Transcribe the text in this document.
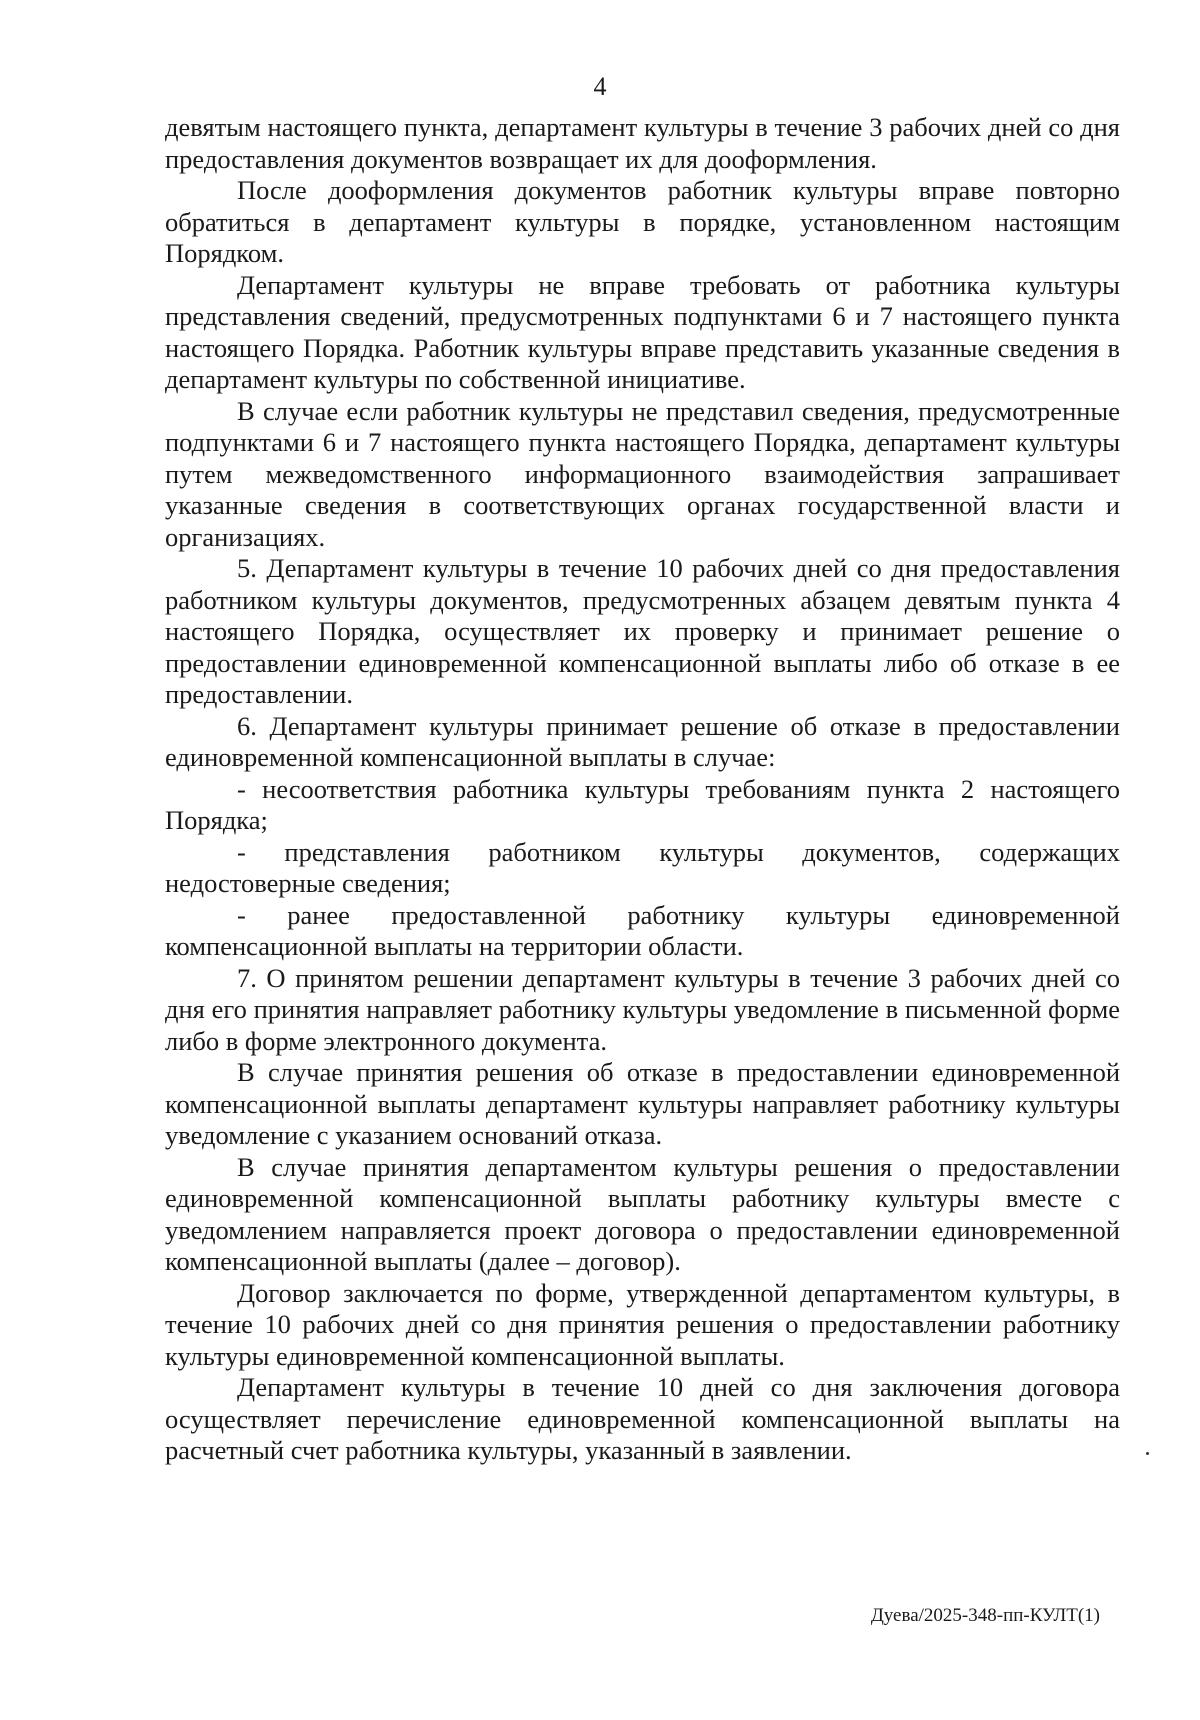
4

девятым настоящего пункта, департамент культуры в течение 3 рабочих дней со дня предоставления документов возвращает их для дооформления.

После дооформления документов работник культуры вправе повторно обратиться в департамент культуры в порядке, установленном настоящим Порядком.

Департамент культуры не вправе требовать от работника культуры представления сведений, предусмотренных подпунктами 6 и 7 настоящего пункта настоящего Порядка. Работник культуры вправе представить указанные сведения в департамент культуры по собственной инициативе.

В случае если работник культуры не представил сведения, предусмотренные подпунктами 6 и 7 настоящего пункта настоящего Порядка, департамент культуры путем межведомственного информационного взаимодействия запрашивает указанные сведения в соответствующих органах государственной власти и организациях.

5. Департамент культуры в течение 10 рабочих дней со дня предоставления работником культуры документов, предусмотренных абзацем девятым пункта 4 настоящего Порядка, осуществляет их проверку и принимает решение о предоставлении единовременной компенсационной выплаты либо об отказе в ее предоставлении.

6. Департамент культуры принимает решение об отказе в предоставлении единовременной компенсационной выплаты в случае:

- несоответствия работника культуры требованиям пункта 2 настоящего Порядка;

- представления работником культуры документов, содержащих недостоверные сведения;

- ранее предоставленной работнику культуры единовременной компенсационной выплаты на территории области.

7. О принятом решении департамент культуры в течение 3 рабочих дней со дня его принятия направляет работнику культуры уведомление в письменной форме либо в форме электронного документа.

В случае принятия решения об отказе в предоставлении единовременной компенсационной выплаты департамент культуры направляет работнику культуры уведомление с указанием оснований отказа.

В случае принятия департаментом культуры решения о предоставлении единовременной компенсационной выплаты работнику культуры вместе с уведомлением направляется проект договора о предоставлении единовременной компенсационной выплаты (далее – договор).

Договор заключается по форме, утвержденной департаментом культуры, в течение 10 рабочих дней со дня принятия решения о предоставлении работнику культуры единовременной компенсационной выплаты.

Департамент культуры в течение 10 дней со дня заключения договора осуществляет перечисление единовременной компенсационной выплаты на расчетный счет работника культуры, указанный в заявлении.

Дуева/2025-348-пп-КУЛТ(1)
